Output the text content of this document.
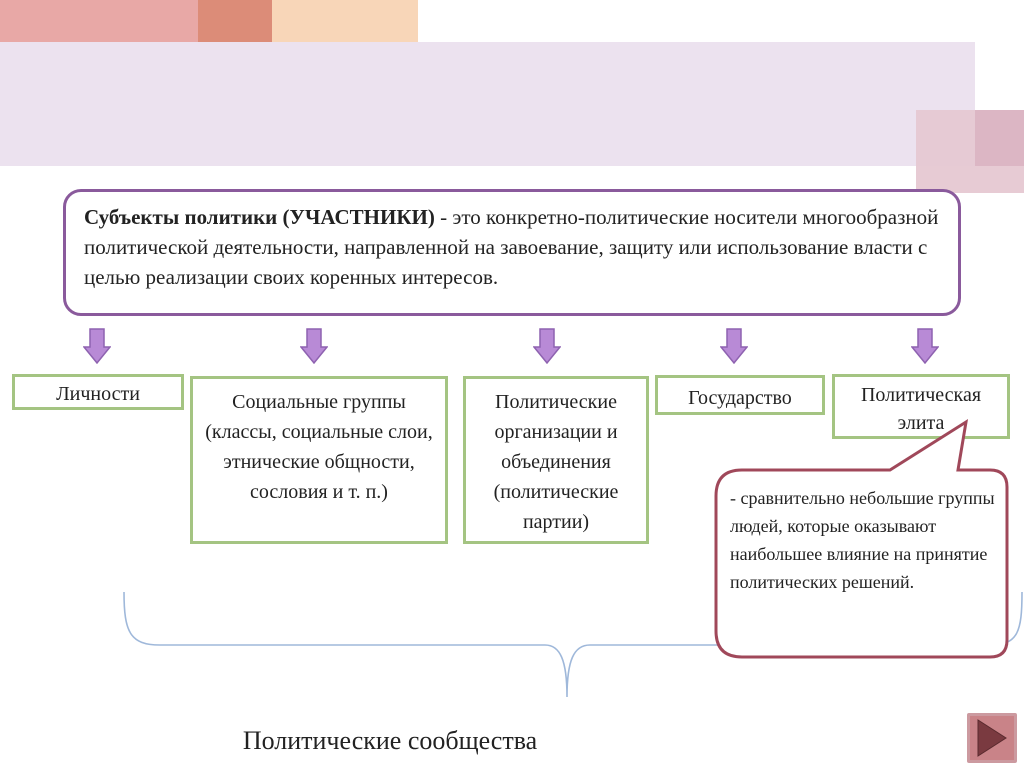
Субъекты политики (УЧАСТНИКИ) - это конкретно-политические носители многообразной политической деятельности, направленной на завоевание, защиту или использование власти с целью реализации своих коренных интересов.
Личности	Социальные группы (классы, социальные слои, этнические общности, сословия и т. п.)
Политические организации и объединения (политические партии)
Государство	Политическая элита
- сравнительно небольшие группы людей, которые оказывают наибольшее влияние на принятие политических решений.
Политические сообщества
